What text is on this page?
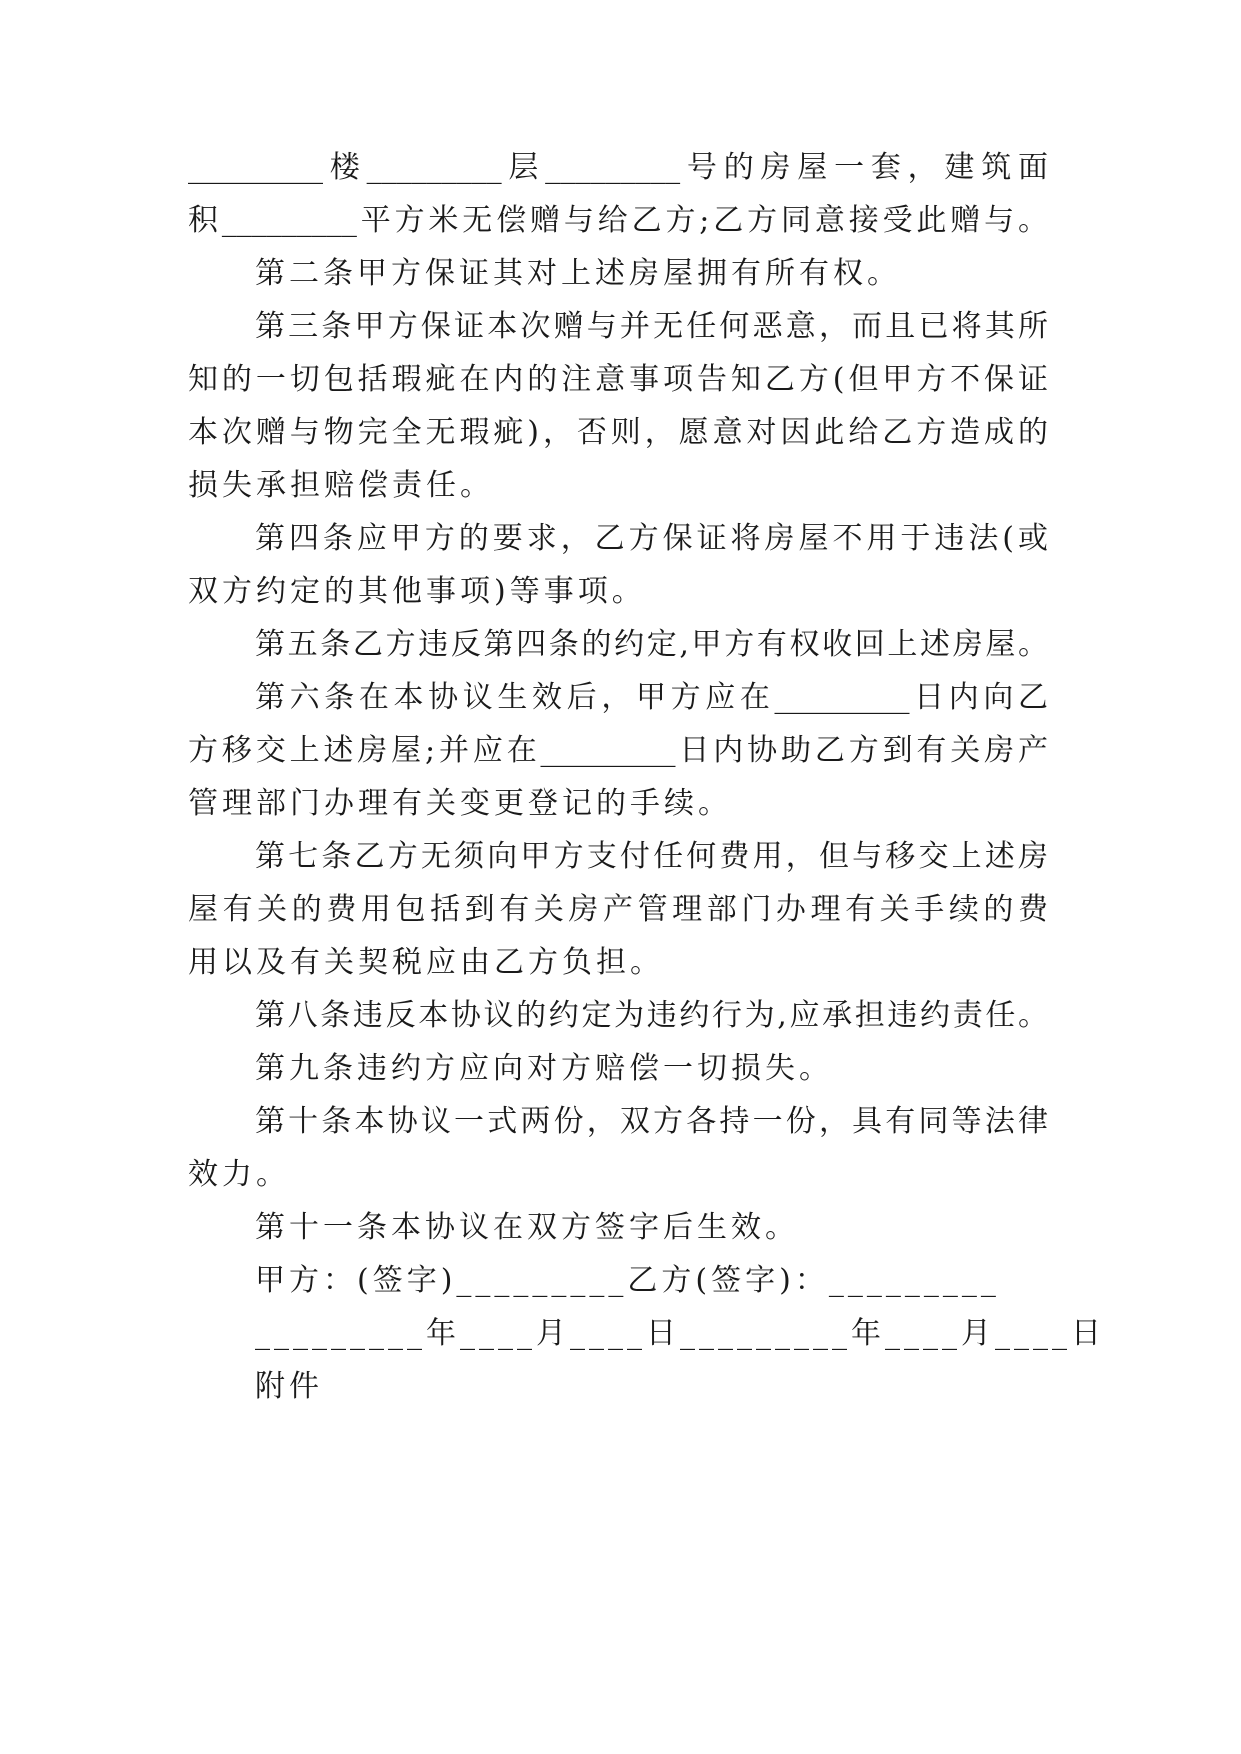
_________楼_________层_________号的房屋一套，建筑面
积_________平方米无偿赠与给乙方;乙方同意接受此赠与。
第二条甲方保证其对上述房屋拥有所有权。
第三条甲方保证本次赠与并无任何恶意，而且已将其所
知的一切包括瑕疵在内的注意事项告知乙方(但甲方不保证
本次赠与物完全无瑕疵)，否则，愿意对因此给乙方造成的
损失承担赔偿责任。
第四条应甲方的要求，乙方保证将房屋不用于违法(或
双方约定的其他事项)等事项。
第五条乙方违反第四条的约定,甲方有权收回上述房屋。
第六条在本协议生效后，甲方应在_________日内向乙
方移交上述房屋;并应在_________日内协助乙方到有关房产
管理部门办理有关变更登记的手续。
第七条乙方无须向甲方支付任何费用，但与移交上述房
屋有关的费用包括到有关房产管理部门办理有关手续的费
用以及有关契税应由乙方负担。
第八条违反本协议的约定为违约行为,应承担违约责任。
第九条违约方应向对方赔偿一切损失。
第十条本协议一式两份，双方各持一份，具有同等法律
效力。
第十一条本协议在双方签字后生效。
甲方：(签字)_________乙方(签字)：_________
_________年____月____日_________年____月____日
附件
